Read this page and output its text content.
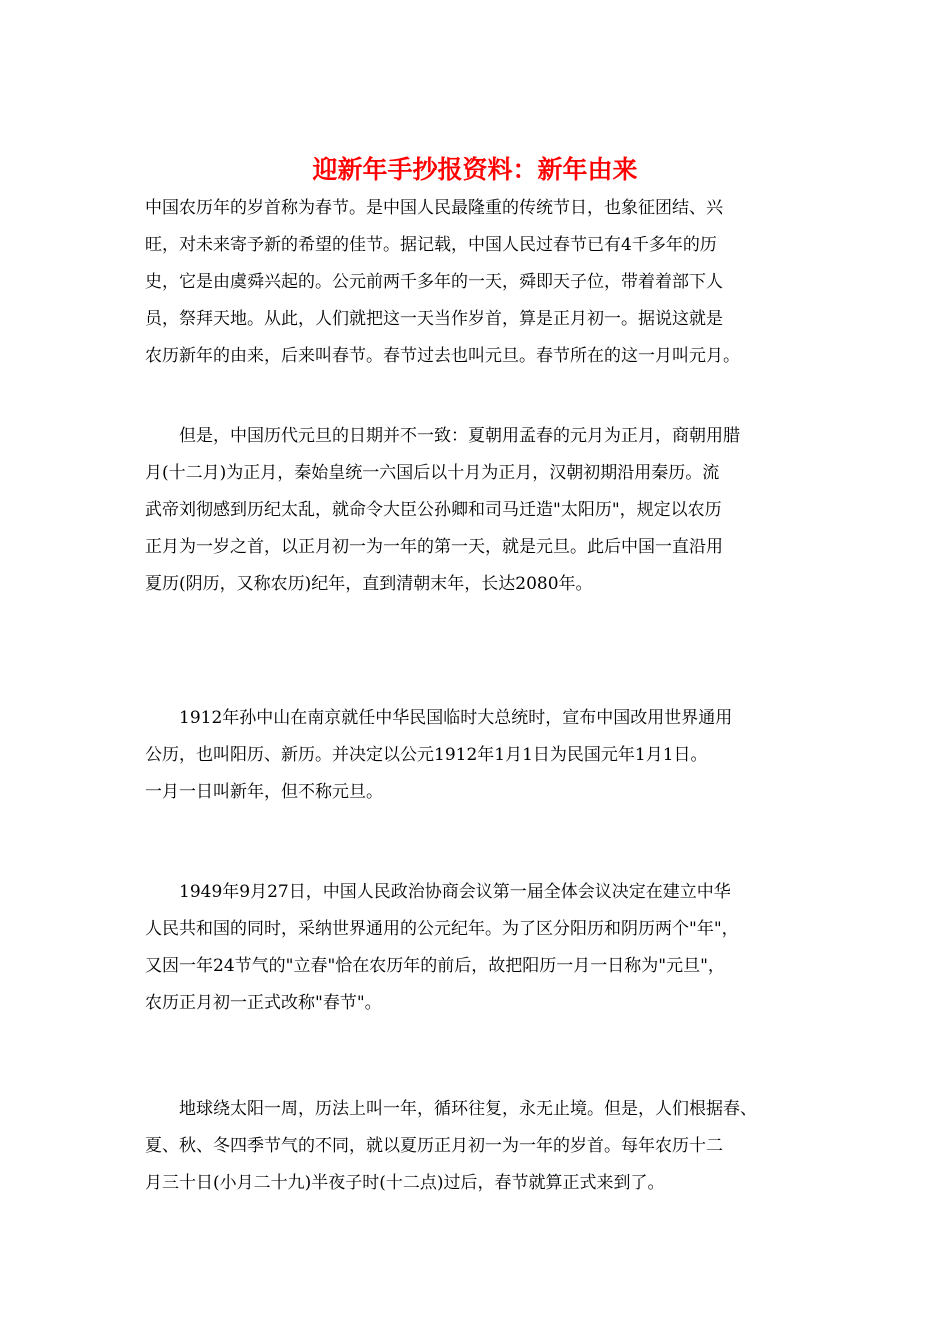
迎新年手抄报资料：新年由来

中国农历年的岁首称为春节。是中国人民最隆重的传统节日，也象征团结、兴
旺，对未来寄予新的希望的佳节。据记载，中国人民过春节已有4千多年的历
史，它是由虞舜兴起的。公元前两千多年的一天，舜即天子位，带着着部下人
员，祭拜天地。从此，人们就把这一天当作岁首，算是正月初一。据说这就是
农历新年的由来，后来叫春节。春节过去也叫元旦。春节所在的这一月叫元月。

　　但是，中国历代元旦的日期并不一致：夏朝用孟春的元月为正月，商朝用腊
月(十二月)为正月，秦始皇统一六国后以十月为正月，汉朝初期沿用秦历。流
武帝刘彻感到历纪太乱，就命令大臣公孙卿和司马迁造"太阳历"，规定以农历
正月为一岁之首，以正月初一为一年的第一天，就是元旦。此后中国一直沿用
夏历(阴历，又称农历)纪年，直到清朝末年，长达2080年。

　　1912年孙中山在南京就任中华民国临时大总统时，宣布中国改用世界通用
公历，也叫阳历、新历。并决定以公元1912年1月1日为民国元年1月1日。
一月一日叫新年，但不称元旦。

　　1949年9月27日，中国人民政治协商会议第一届全体会议决定在建立中华
人民共和国的同时，采纳世界通用的公元纪年。为了区分阳历和阴历两个"年"，
又因一年24节气的"立春"恰在农历年的前后，故把阳历一月一日称为"元旦"，
农历正月初一正式改称"春节"。

　　地球绕太阳一周，历法上叫一年，循环往复，永无止境。但是，人们根据春、
夏、秋、冬四季节气的不同，就以夏历正月初一为一年的岁首。每年农历十二
月三十日(小月二十九)半夜子时(十二点)过后，春节就算正式来到了。
